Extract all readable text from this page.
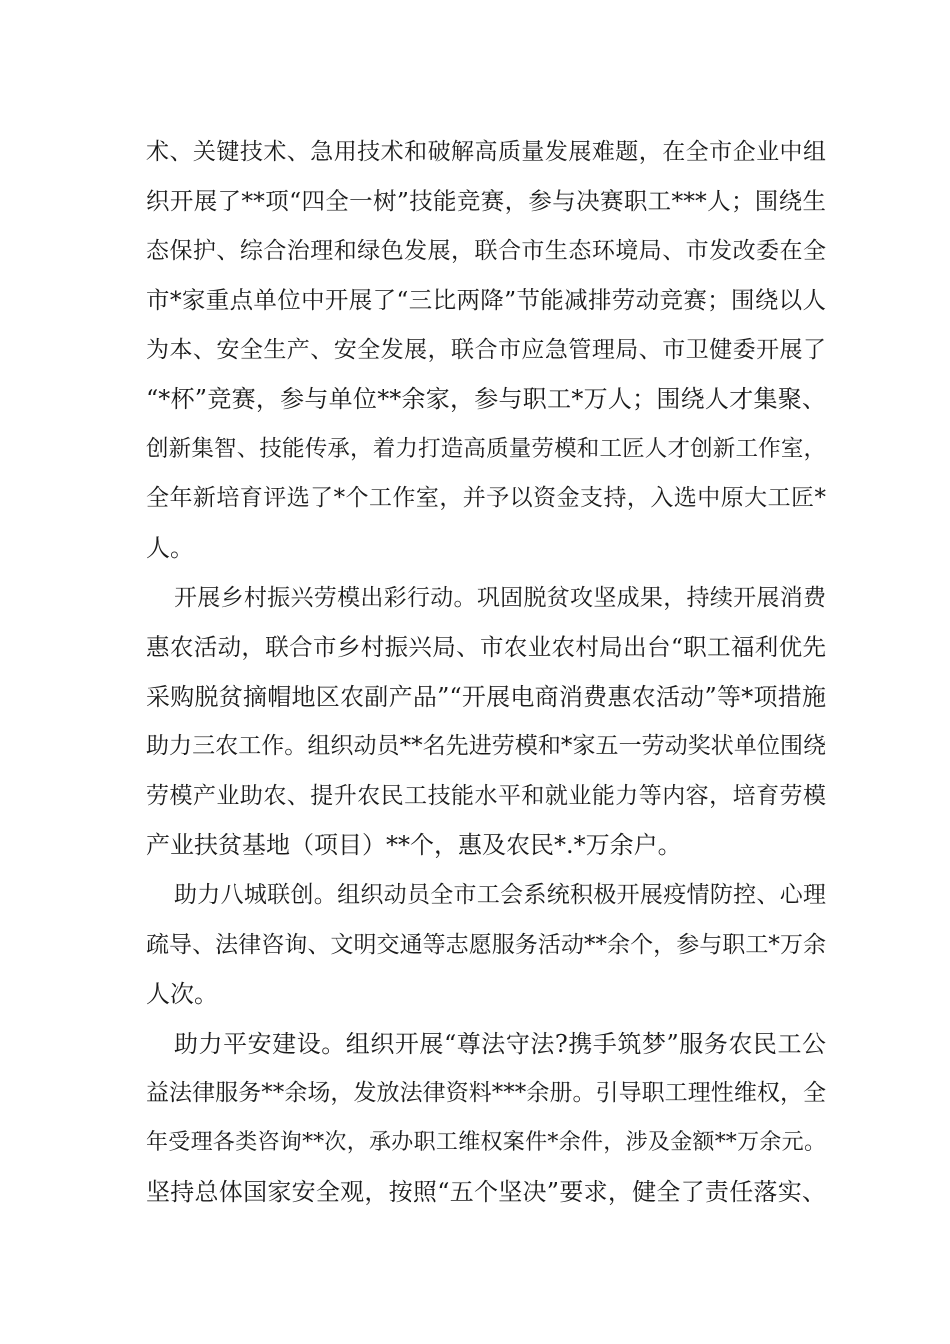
术、关键技术、急用技术和破解高质量发展难题，在全市企业中组
织开展了**项“四全一树”技能竞赛，参与决赛职工***人；围绕生
态保护、综合治理和绿色发展，联合市生态环境局、市发改委在全
市*家重点单位中开展了“三比两降”节能减排劳动竞赛；围绕以人
为本、安全生产、安全发展，联合市应急管理局、市卫健委开展了
“*杯”竞赛，参与单位**余家，参与职工*万人；围绕人才集聚、
创新集智、技能传承，着力打造高质量劳模和工匠人才创新工作室，
全年新培育评选了*个工作室，并予以资金支持，入选中原大工匠*
人。
开展乡村振兴劳模出彩行动。巩固脱贫攻坚成果，持续开展消费
惠农活动，联合市乡村振兴局、市农业农村局出台“职工福利优先
采购脱贫摘帽地区农副产品”“开展电商消费惠农活动”等*项措施
助力三农工作。组织动员**名先进劳模和*家五一劳动奖状单位围绕
劳模产业助农、提升农民工技能水平和就业能力等内容，培育劳模
产业扶贫基地（项目）**个，惠及农民*.*万余户。
助力八城联创。组织动员全市工会系统积极开展疫情防控、心理
疏导、法律咨询、文明交通等志愿服务活动**余个，参与职工*万余
人次。
助力平安建设。组织开展“尊法守法?携手筑梦”服务农民工公
益法律服务**余场，发放法律资料***余册。引导职工理性维权，全
年受理各类咨询**次，承办职工维权案件*余件，涉及金额**万余元。
坚持总体国家安全观，按照“五个坚决”要求，健全了责任落实、
